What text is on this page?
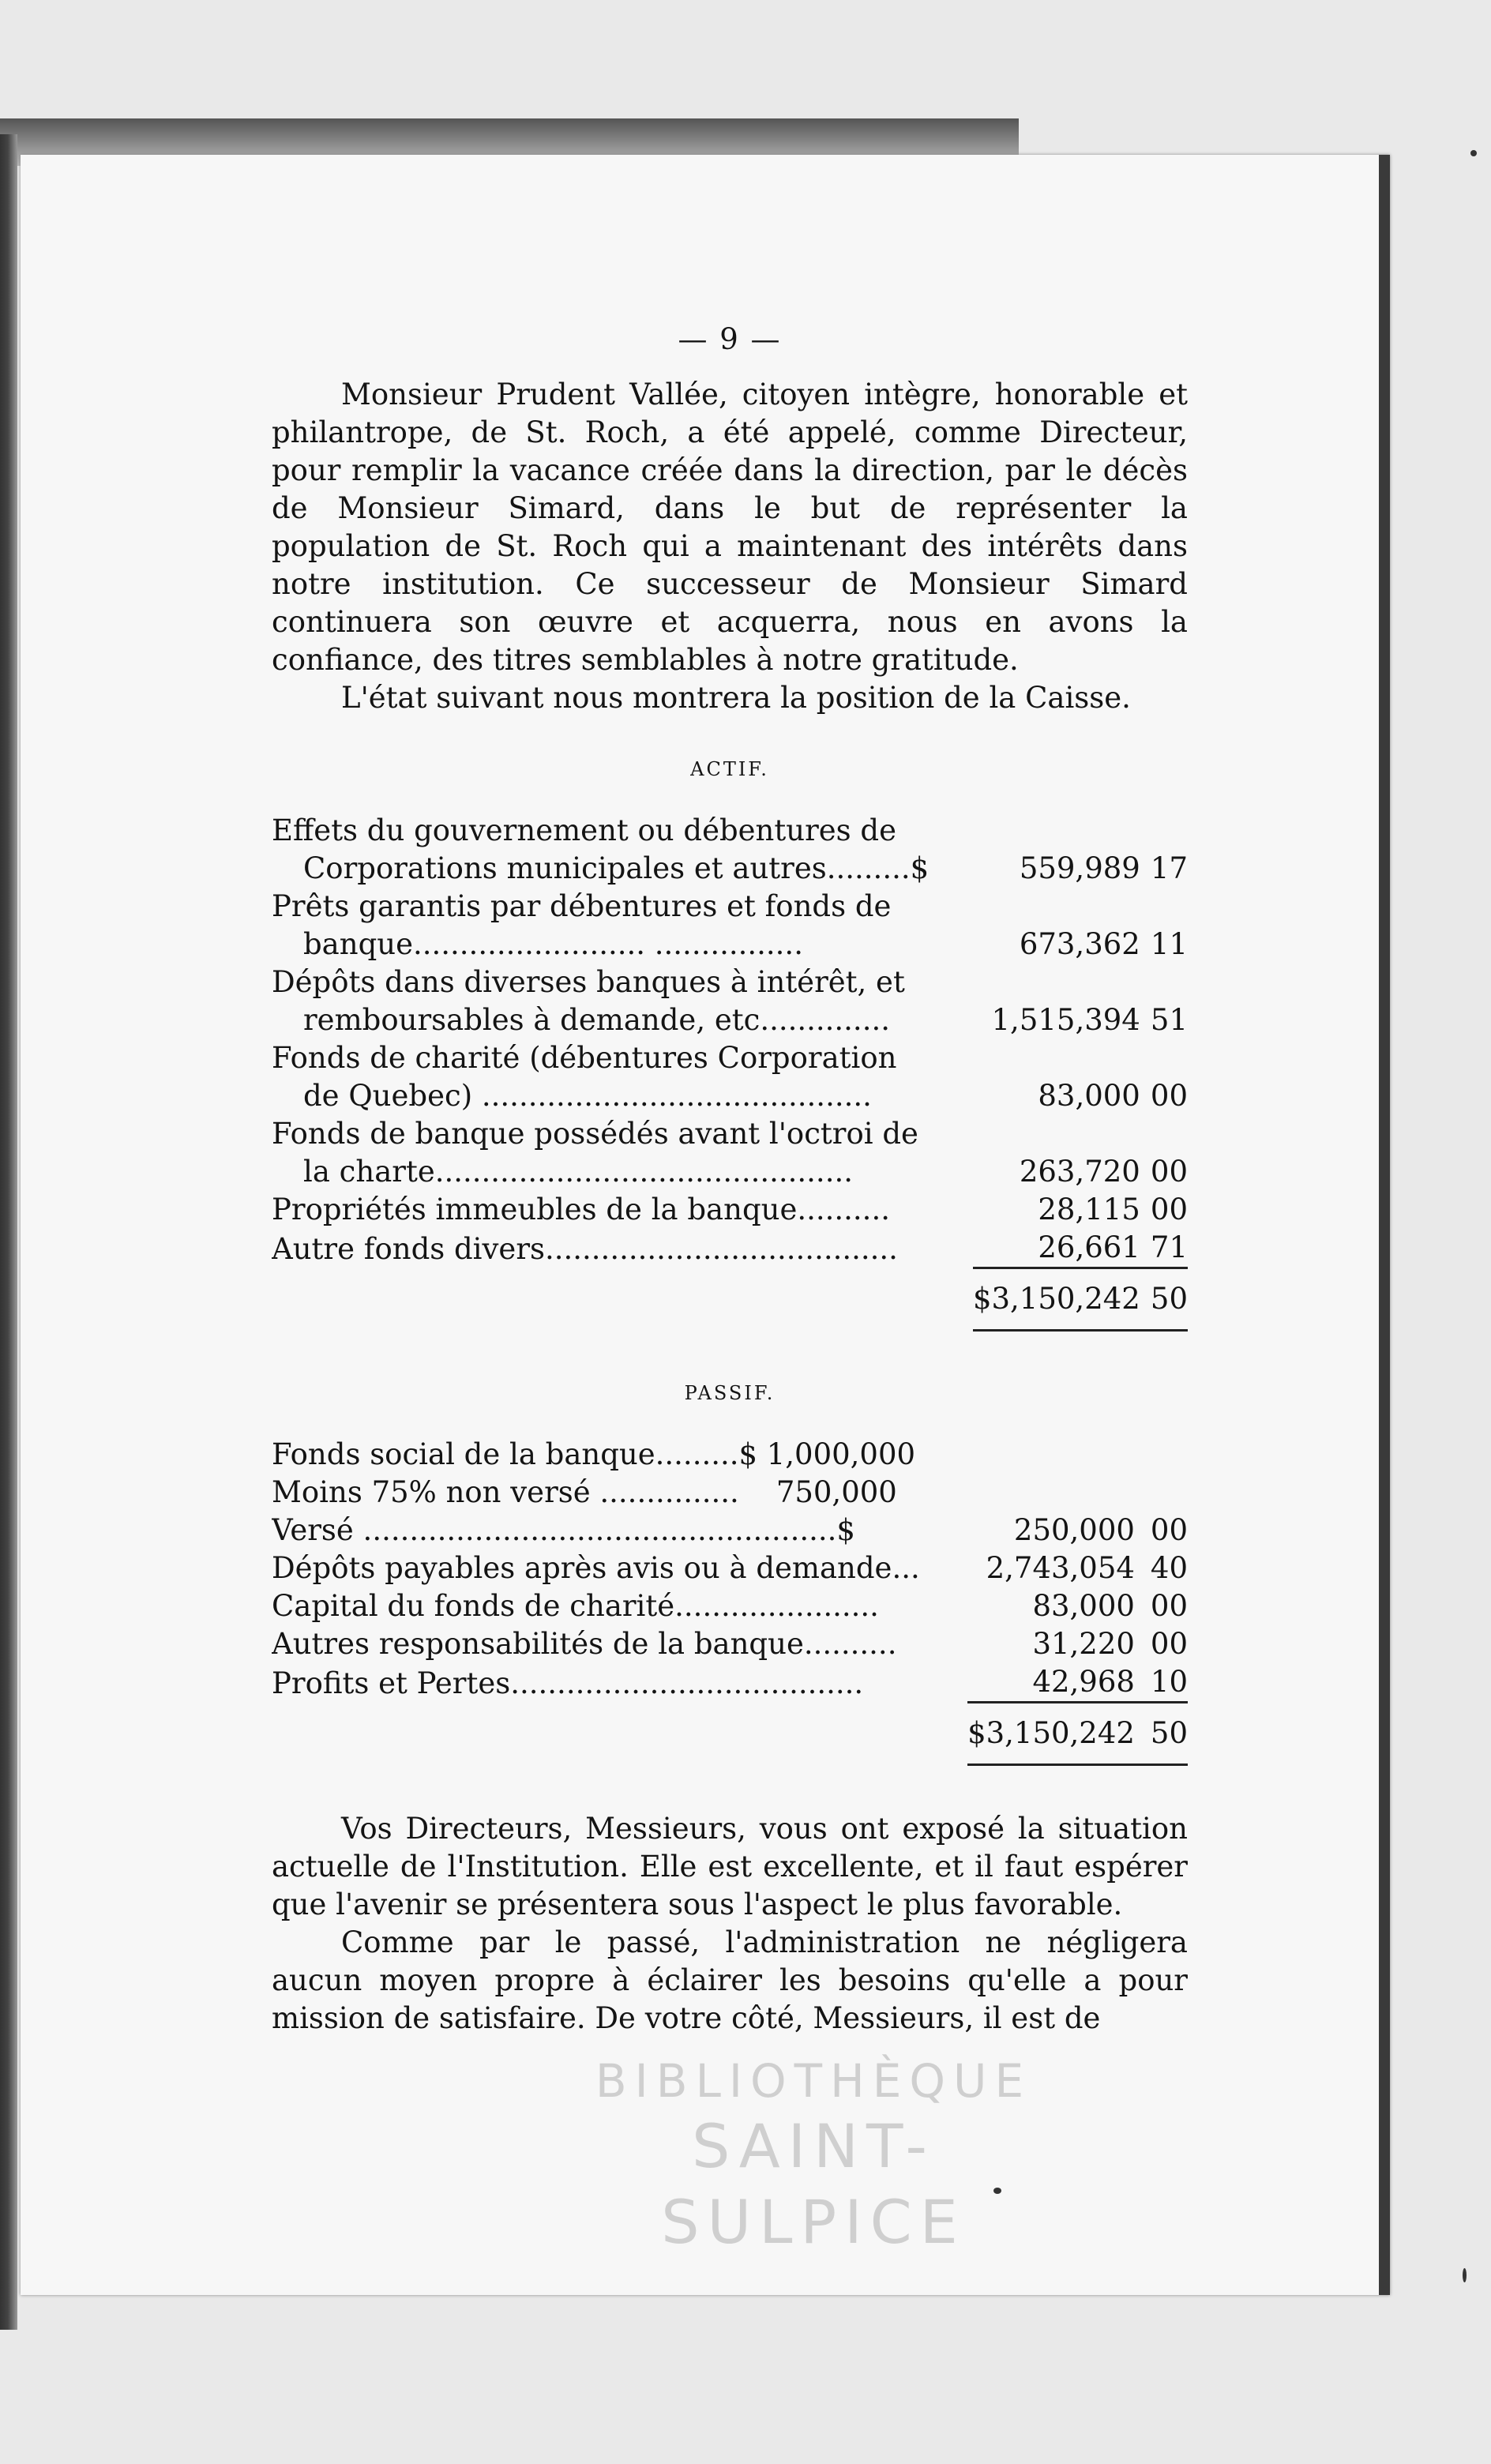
— 9 —

Monsieur Prudent Vallée, citoyen intègre, honorable et philantrope, de St. Roch, a été appelé, comme Directeur, pour remplir la vacance créée dans la direction, par le décès de Monsieur Simard, dans le but de représenter la population de St. Roch qui a maintenant des intérêts dans notre institution. Ce successeur de Monsieur Simard continuera son œuvre et acquerra, nous en avons la confiance, des titres semblables à notre gratitude.

L'état suivant nous montrera la position de la Caisse.

ACTIF.
Effets du gouvernement ou débentures de		
Corporations municipales et autres.........$	559,989	17
Prêts garantis par débentures et fonds de		
banque......................... ................	673,362	11
Dépôts dans diverses banques à intérêt, et		
remboursables à demande, etc..............	1,515,394	51
Fonds de charité (débentures Corporation		
de Quebec) ..........................................	83,000	00
Fonds de banque possédés avant l'octroi de		
la charte.............................................	263,720	00
Propriétés immeubles de la banque..........	28,115	00
Autre fonds divers......................................	26,661	71

	$3,150,242	50

PASSIF.
Fonds social de la banque.........$ 1,000,000		
Moins 75% non versé ............... 750,000		
Versé ...................................................$	250,000	00
Dépôts payables après avis ou à demande...	2,743,054	40
Capital du fonds de charité......................	83,000	00
Autres responsabilités de la banque..........	31,220	00
Profits et Pertes......................................	42,968	10

	$3,150,242	50

Vos Directeurs, Messieurs, vous ont exposé la situation actuelle de l'Institution. Elle est excellente, et il faut espérer que l'avenir se présentera sous l'aspect le plus favorable.

Comme par le passé, l'administration ne négligera aucun moyen propre à éclairer les besoins qu'elle a pour mission de satisfaire. De votre côté, Messieurs, il est de

BIBLIOTHÈQUE
SAINT-SULPICE
